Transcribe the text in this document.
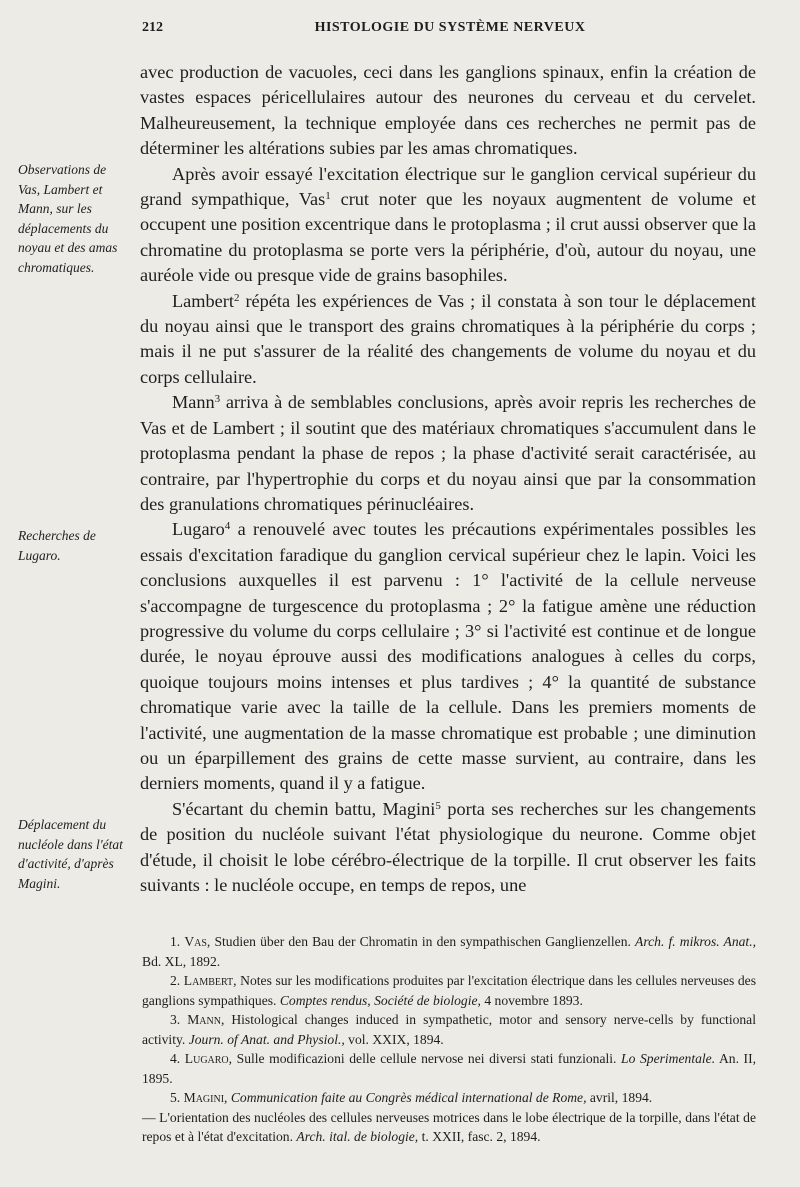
212	HISTOLOGIE DU SYSTÈME NERVEUX
Observations de Vas, Lambert et Mann, sur les déplacements du noyau et des amas chromatiques.
Recherches de Lugaro.
Déplacement du nucléole dans l'état d'activité, d'après Magini.

avec production de vacuoles, ceci dans les ganglions spinaux, enfin la création de vastes espaces péricellulaires autour des neurones du cerveau et du cervelet. Malheureusement, la technique employée dans ces recherches ne permit pas de déterminer les altérations subies par les amas chromatiques.

Après avoir essayé l'excitation électrique sur le ganglion cervical supérieur du grand sympathique, Vas$^1$ crut noter que les noyaux augmentent de volume et occupent une position excentrique dans le protoplasma ; il crut aussi observer que la chromatine du protoplasma se porte vers la périphérie, d'où, autour du noyau, une auréole vide ou presque vide de grains basophiles.

Lambert$^2$ répéta les expériences de Vas ; il constata à son tour le déplacement du noyau ainsi que le transport des grains chromatiques à la périphérie du corps ; mais il ne put s'assurer de la réalité des changements de volume du noyau et du corps cellulaire.

Mann$^3$ arriva à de semblables conclusions, après avoir repris les recherches de Vas et de Lambert ; il soutint que des matériaux chromatiques s'accumulent dans le protoplasma pendant la phase de repos ; la phase d'activité serait caractérisée, au contraire, par l'hypertrophie du corps et du noyau ainsi que par la consommation des granulations chromatiques périnucléaires.

Lugaro$^4$ a renouvelé avec toutes les précautions expérimentales possibles les essais d'excitation faradique du ganglion cervical supérieur chez le lapin. Voici les conclusions auxquelles il est parvenu : 1° l'activité de la cellule nerveuse s'accompagne de turgescence du protoplasma ; 2° la fatigue amène une réduction progressive du volume du corps cellulaire ; 3° si l'activité est continue et de longue durée, le noyau éprouve aussi des modifications analogues à celles du corps, quoique toujours moins intenses et plus tardives ; 4° la quantité de substance chromatique varie avec la taille de la cellule. Dans les premiers moments de l'activité, une augmentation de la masse chromatique est probable ; une diminution ou un éparpillement des grains de cette masse survient, au contraire, dans les derniers moments, quand il y a fatigue.

S'écartant du chemin battu, Magini$^5$ porta ses recherches sur les changements de position du nucléole suivant l'état physiologique du neurone. Comme objet d'étude, il choisit le lobe cérébro-électrique de la torpille. Il crut observer les faits suivants : le nucléole occupe, en temps de repos, une

1. Vas, Studien über den Bau der Chromatin in den sympathischen Ganglienzellen. Arch. f. mikros. Anat., Bd. XL, 1892.

2. Lambert, Notes sur les modifications produites par l'excitation électrique dans les cellules nerveuses des ganglions sympathiques. Comptes rendus, Société de biologie, 4 novembre 1893.

3. Mann, Histological changes induced in sympathetic, motor and sensory nerve-cells by functional activity. Journ. of Anat. and Physiol., vol. XXIX, 1894.

4. Lugaro, Sulle modificazioni delle cellule nervose nei diversi stati funzionali. Lo Sperimentale. An. II, 1895.

5. Magini, Communication faite au Congrès médical international de Rome, avril, 1894.

— L'orientation des nucléoles des cellules nerveuses motrices dans le lobe électrique de la torpille, dans l'état de repos et à l'état d'excitation. Arch. ital. de biologie, t. XXII, fasc. 2, 1894.
